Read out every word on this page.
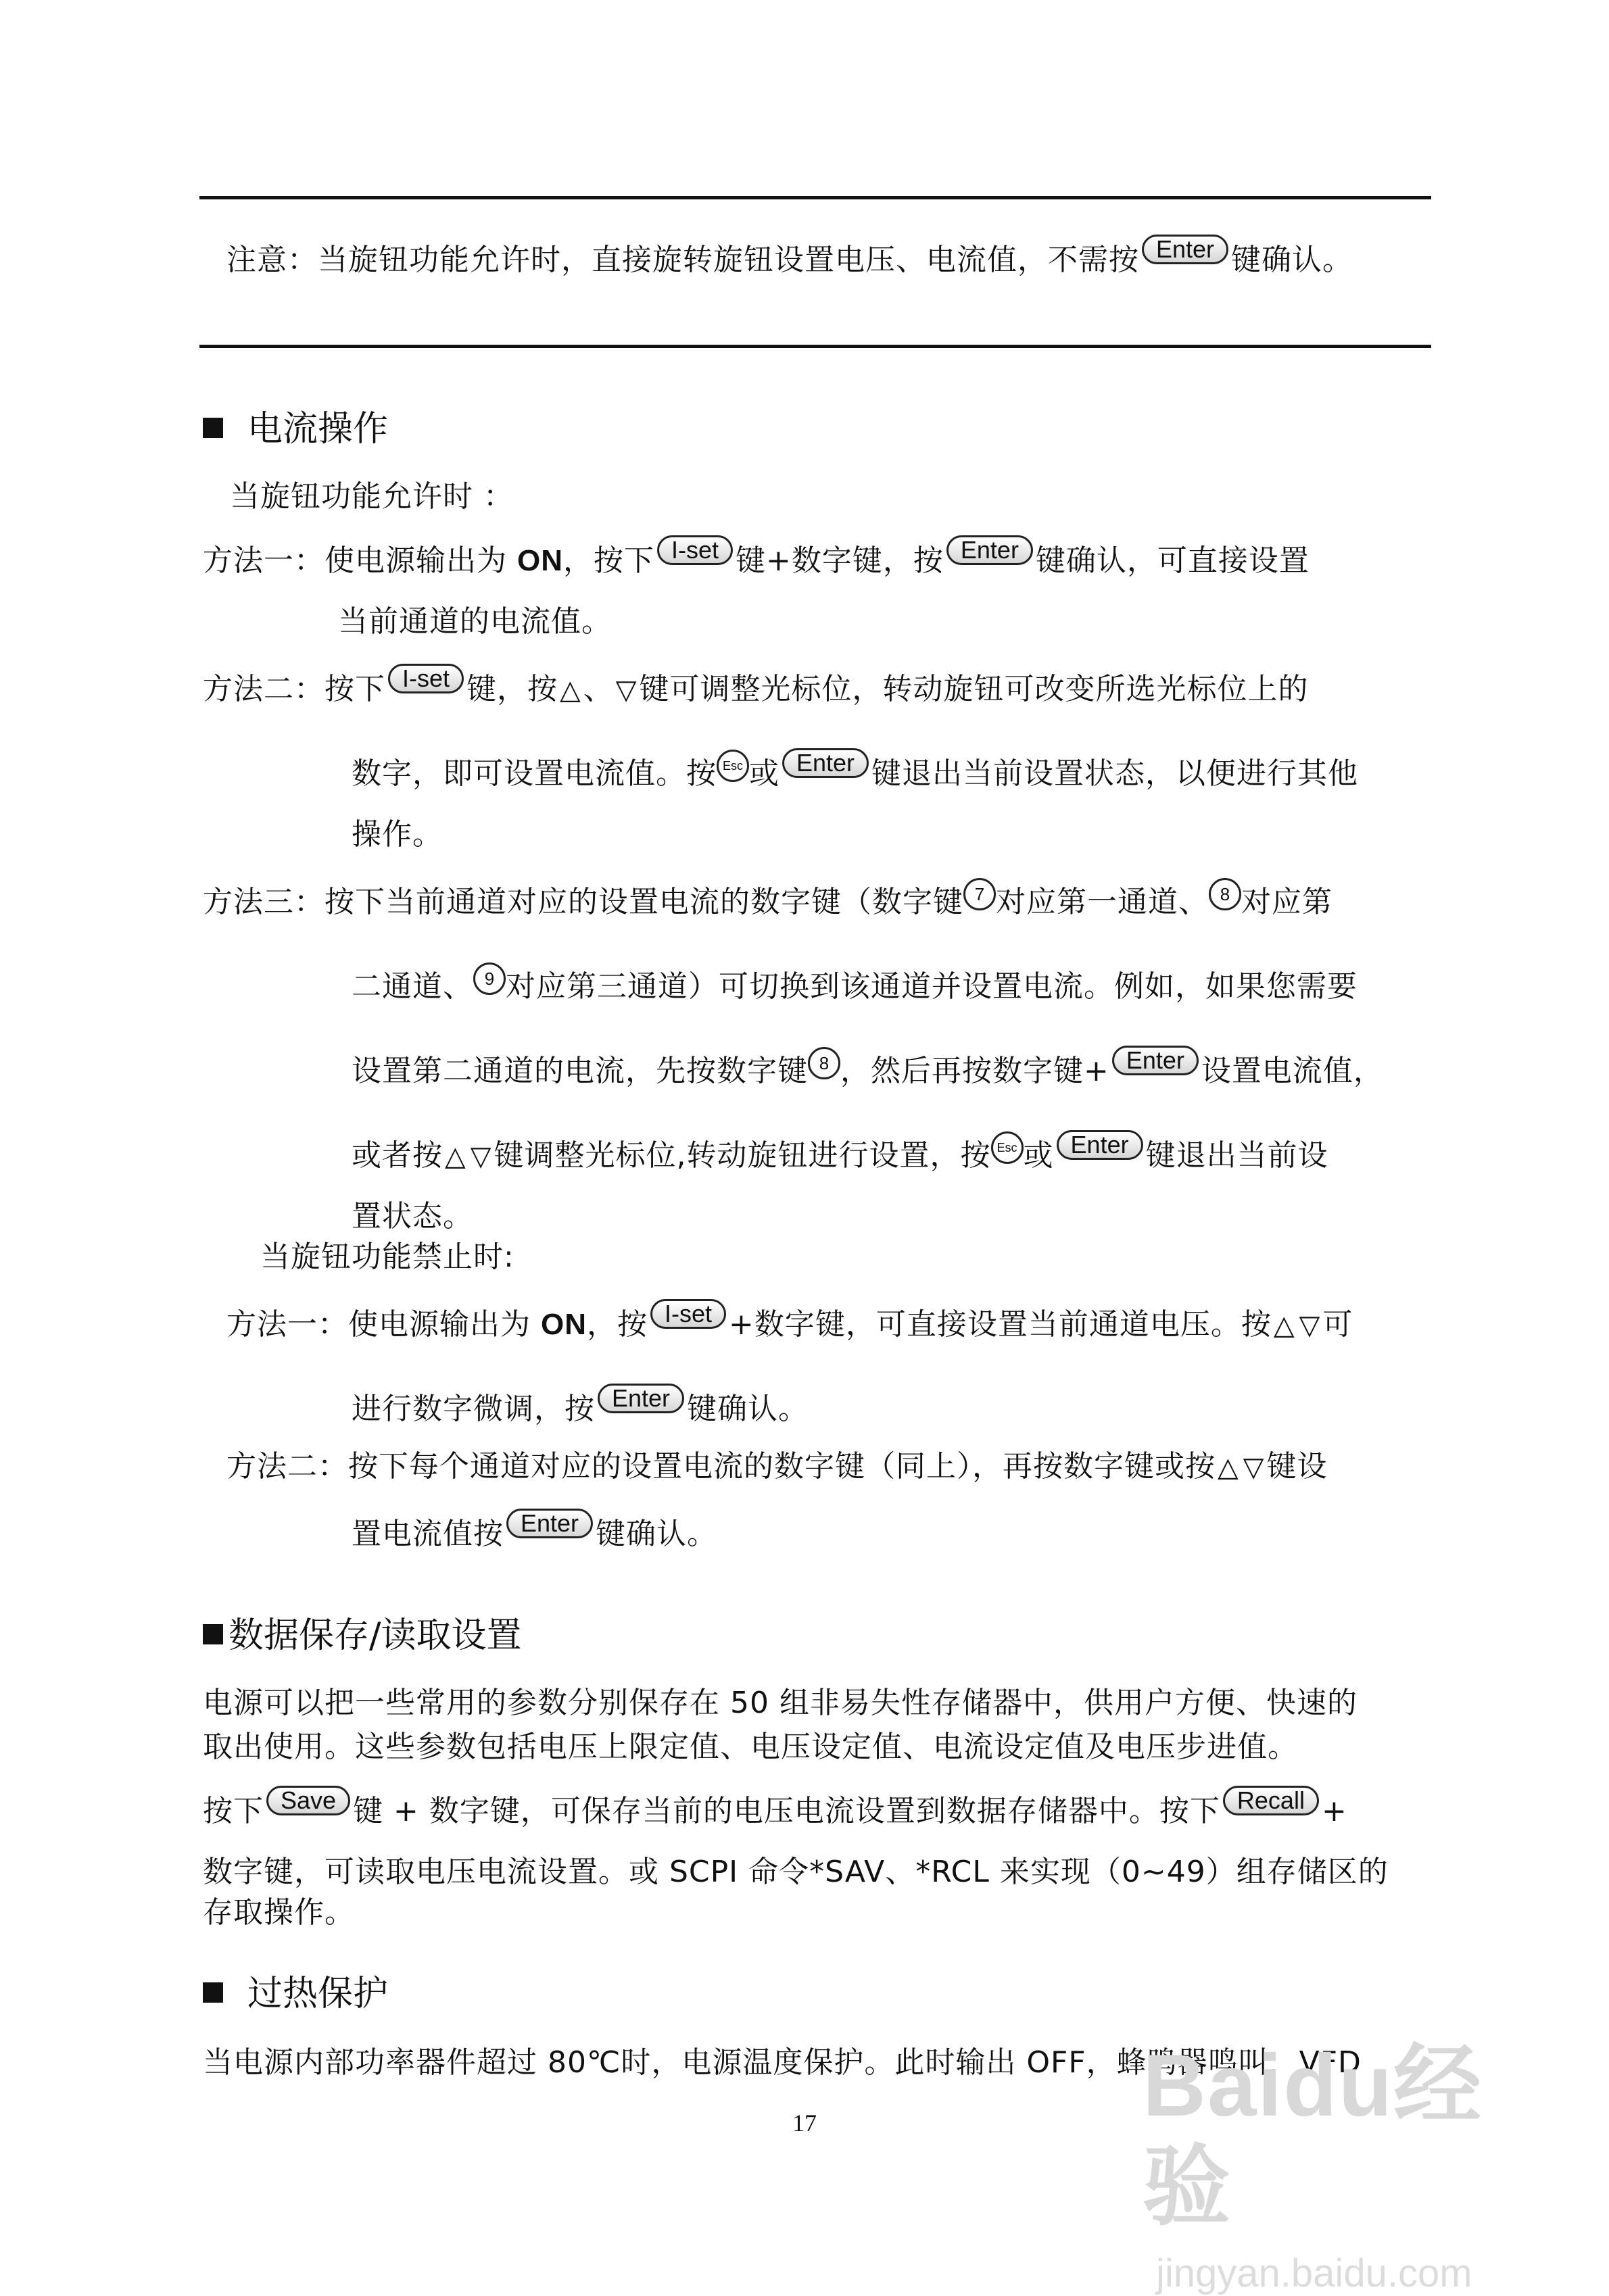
注意：当旋钮功能允许时，直接旋转旋钮设置电压、电流值，不需按 Enter 键确认。
电流操作
当旋钮功能允许时 ：
方法一：使电源输出为 ON，按下 I-set 键+数字键，按 Enter 键确认，可直接设置
当前通道的电流值。
方法二：按下 I-set 键，按△、▽键可调整光标位，转动旋钮可改变所选光标位上的
数字，即可设置电流值。按 Esc 或 Enter 键退出当前设置状态，以便进行其他
操作。
方法三：按下当前通道对应的设置电流的数字键（数字键 7 对应第一通道、 8 对应第
二通道、 9 对应第三通道）可切换到该通道并设置电流。例如，如果您需要
设置第二通道的电流，先按数字键 8 ，然后再按数字键+ Enter 设置电流值，
或者按△ ▽键调整光标位,转动旋钮进行设置，按 Esc 或 Enter 键退出当前设
置状态。
当旋钮功能禁止时:
方法一：使电源输出为 ON，按 I-set +数字键，可直接设置当前通道电压。按△ ▽可
进行数字微调，按 Enter 键确认。
方法二：按下每个通道对应的设置电流的数字键（同上），再按数字键或按△ ▽键设
置电流值按 Enter 键确认。
数据保存/读取设置
电源可以把一些常用的参数分别保存在 50 组非易失性存储器中，供用户方便、快速的
取出使用。这些参数包括电压上限定值、电压设定值、电流设定值及电压步进值。
按下 Save 键 + 数字键，可保存当前的电压电流设置到数据存储器中。按下 Recall +
数字键，可读取电压电流设置。或 SCPI 命令*SAV、*RCL 来实现（0~49）组存储区的
存取操作。
过热保护
当电源内部功率器件超过 80℃时，电源温度保护。此时输出 OFF，蜂鸣器鸣叫，VFD
17	Baidu经验
jingyan.baidu.com
